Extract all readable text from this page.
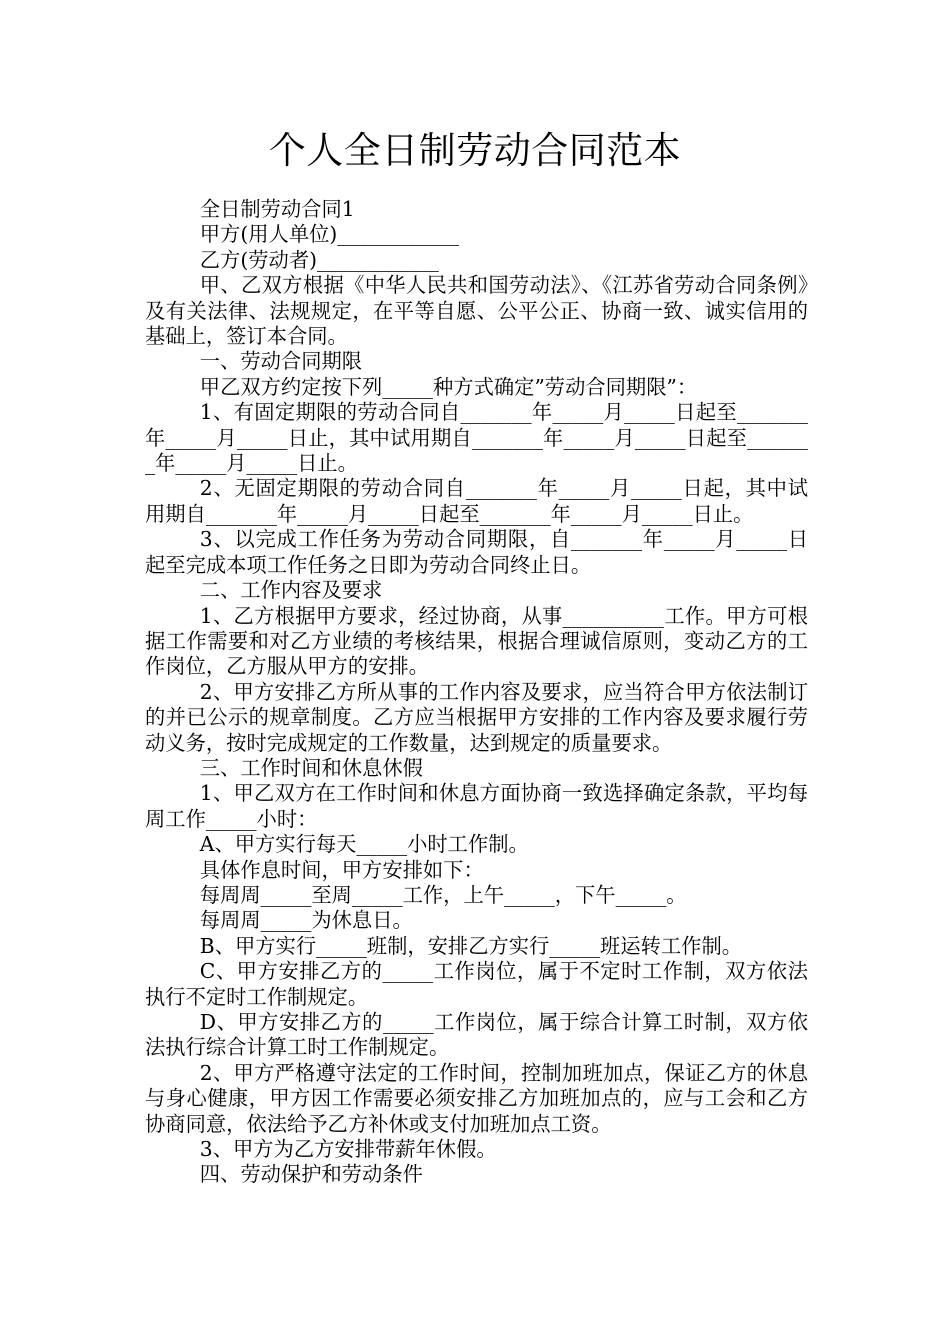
个人全日制劳动合同范本

全日制劳动合同1

甲方(用人单位)____________

乙方(劳动者)____________

甲、乙双方根据《中华人民共和国劳动法》、《江苏省劳动合同条例》及有关法律、法规规定，在平等自愿、公平公正、协商一致、诚实信用的基础上，签订本合同。

一、劳动合同期限

甲乙双方约定按下列_____种方式确定”劳动合同期限”：

1、有固定期限的劳动合同自_______年_____月_____日起至_______年_____月_____日止，其中试用期自_______年_____月_____日起至_______年_____月_____日止。

2、无固定期限的劳动合同自_______年_____月_____日起，其中试用期自_______年_____月_____日起至_______年_____月_____日止。

3、以完成工作任务为劳动合同期限，自_______年_____月_____日起至完成本项工作任务之日即为劳动合同终止日。

二、工作内容及要求

1、乙方根据甲方要求，经过协商，从事__________工作。甲方可根据工作需要和对乙方业绩的考核结果，根据合理诚信原则，变动乙方的工作岗位，乙方服从甲方的安排。

2、甲方安排乙方所从事的工作内容及要求，应当符合甲方依法制订的并已公示的规章制度。乙方应当根据甲方安排的工作内容及要求履行劳动义务，按时完成规定的工作数量，达到规定的质量要求。

三、工作时间和休息休假

1、甲乙双方在工作时间和休息方面协商一致选择确定条款，平均每周工作_____小时：

A、甲方实行每天_____小时工作制。

具体作息时间，甲方安排如下：

每周周_____至周_____工作，上午_____，下午_____。

每周周_____为休息日。

B、甲方实行_____班制，安排乙方实行_____班运转工作制。

C、甲方安排乙方的_____工作岗位，属于不定时工作制，双方依法执行不定时工作制规定。

D、甲方安排乙方的_____工作岗位，属于综合计算工时制，双方依法执行综合计算工时工作制规定。

2、甲方严格遵守法定的工作时间，控制加班加点，保证乙方的休息与身心健康，甲方因工作需要必须安排乙方加班加点的，应与工会和乙方协商同意，依法给予乙方补休或支付加班加点工资。

3、甲方为乙方安排带薪年休假。

四、劳动保护和劳动条件
